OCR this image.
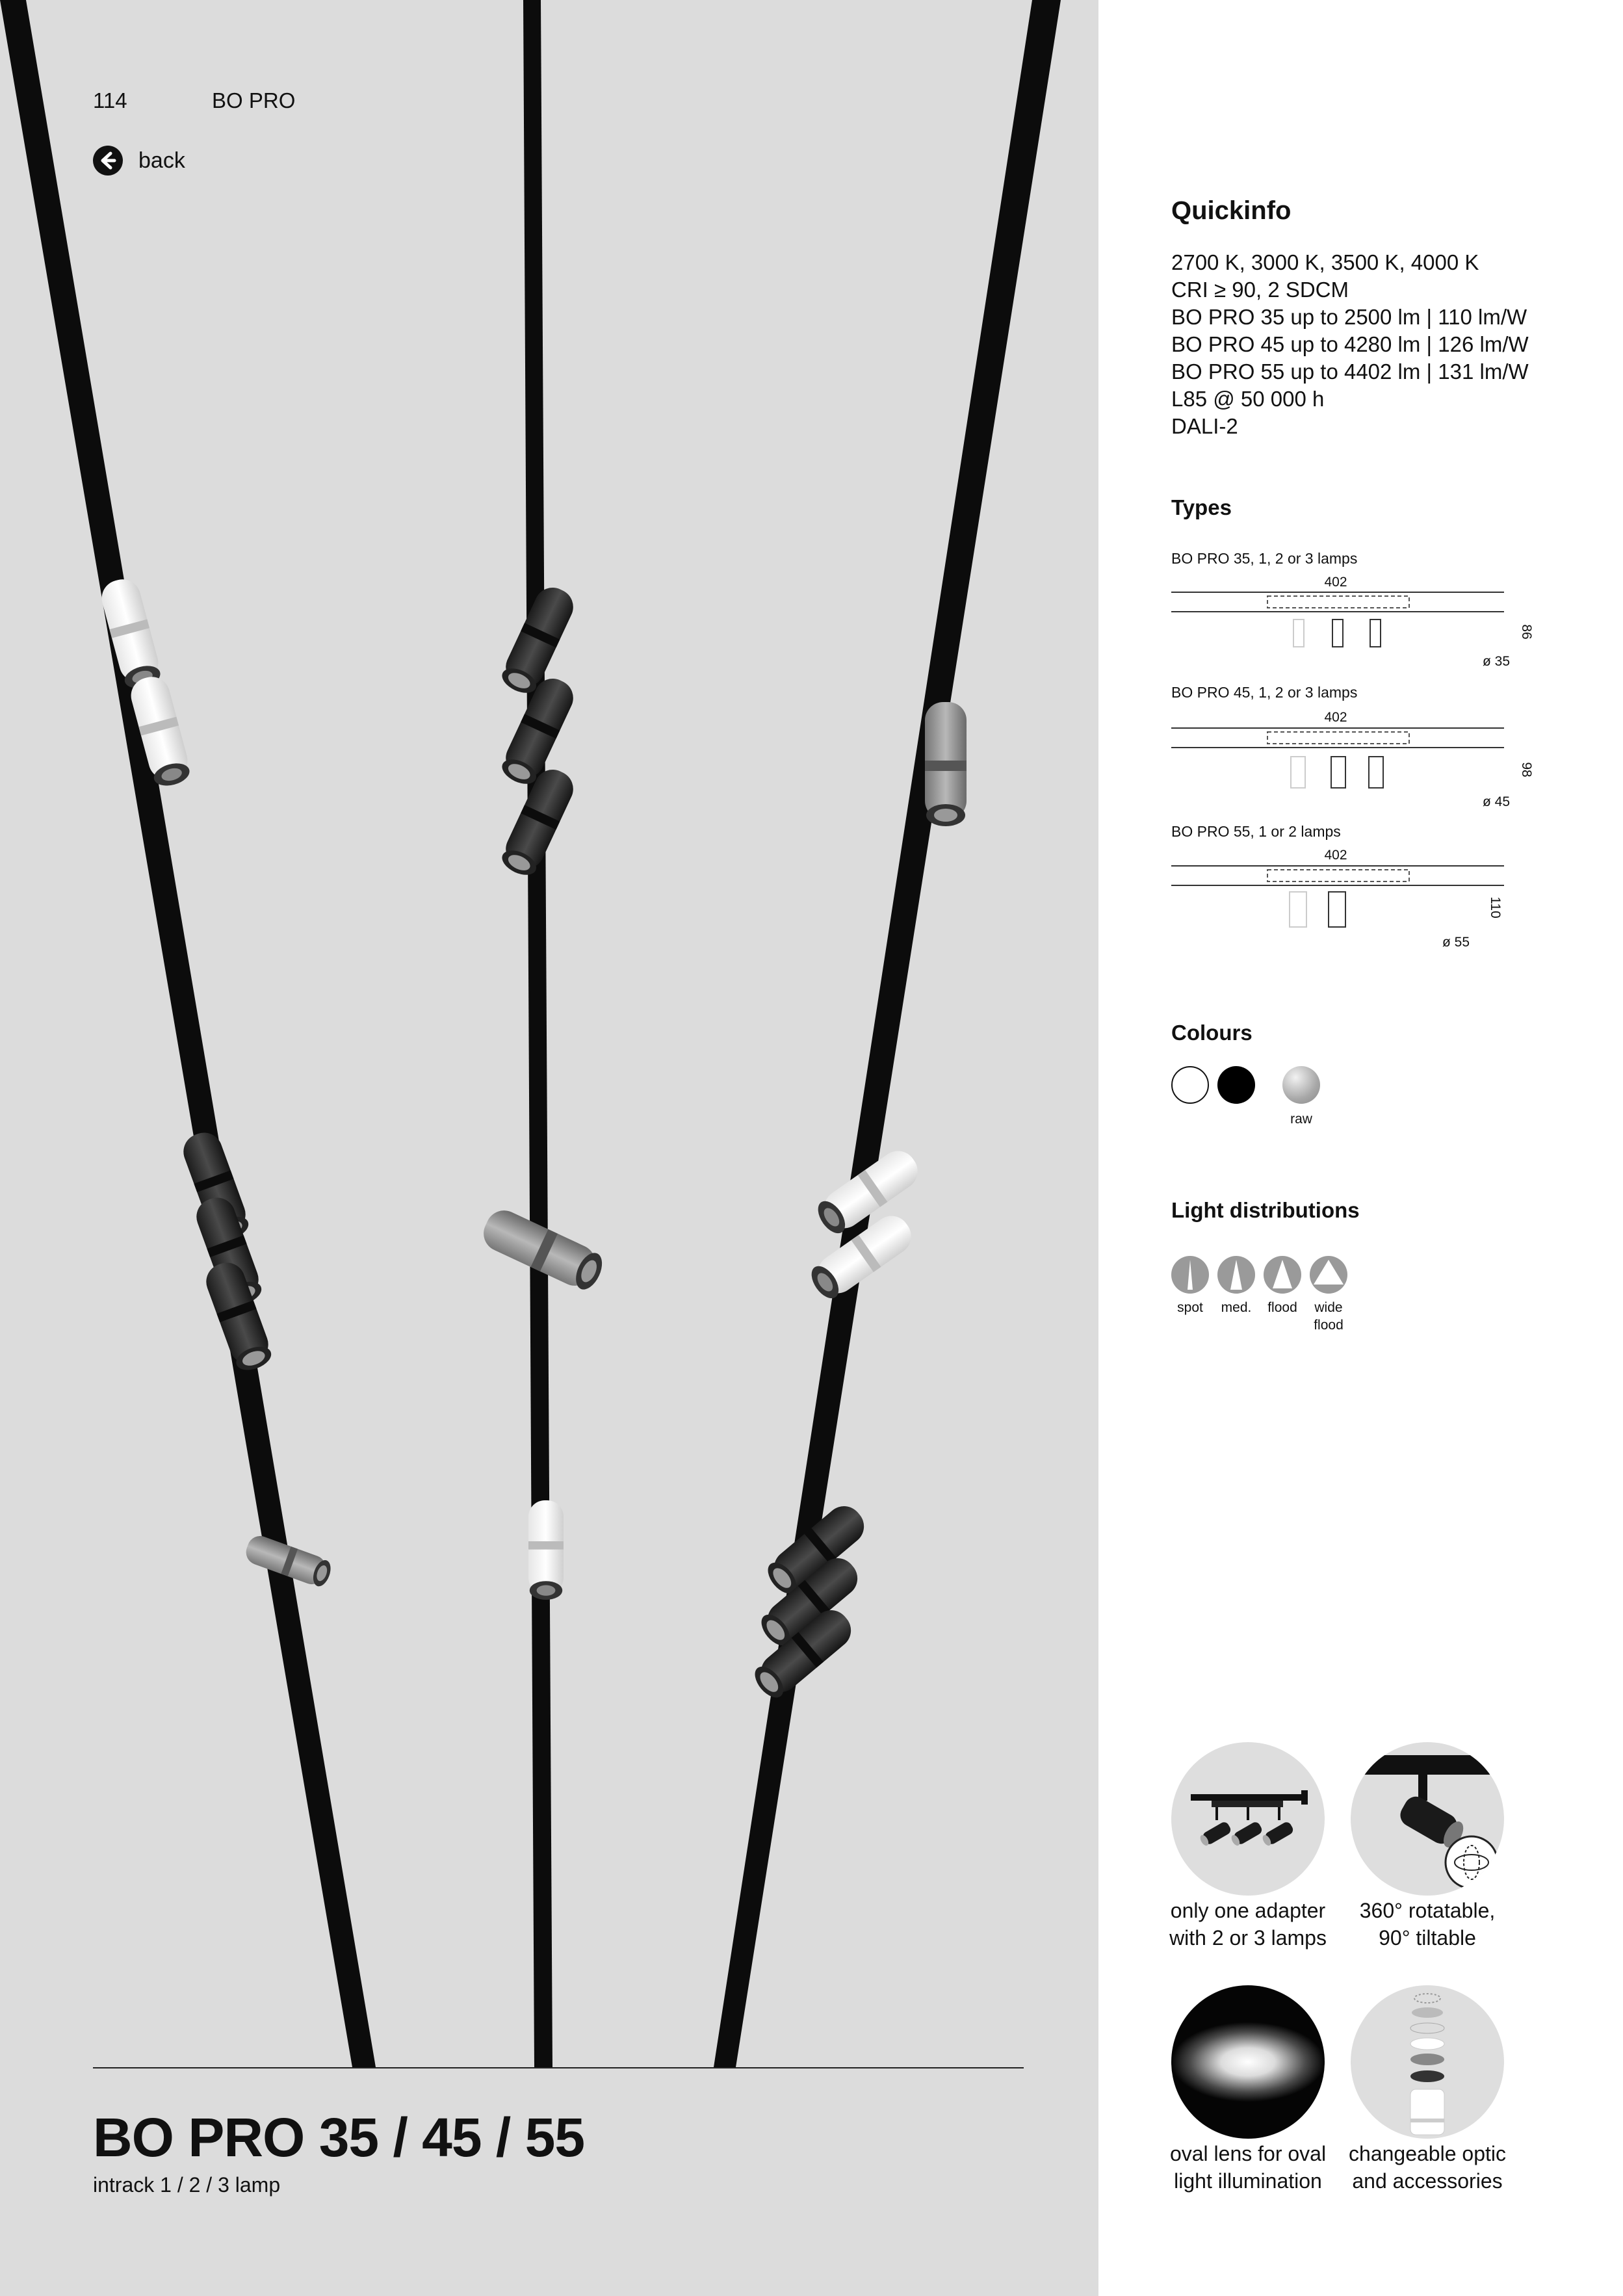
114	BO PRO
back
BO PRO 35 / 45 / 55
intrack 1 / 2 / 3 lamp
Quickinfo
2700 K, 3000 K, 3500 K, 4000 K
CRI ≥ 90, 2 SDCM
BO PRO 35 up to 2500 lm | 110 lm/W
BO PRO 45 up to 4280 lm | 126 lm/W
BO PRO 55 up to 4402 lm | 131 lm/W
L85 @ 50 000 h
DALI-2
Types
BO PRO 35, 1, 2 or 3 lamps
402
86
ø 35
BO PRO 45, 1, 2 or 3 lamps
402
98
ø 45
BO PRO 55, 1 or 2 lamps
402
110
ø 55
Colours
raw
Light distributions
spot	med.	flood	wide flood
only one adapter
with 2 or 3 lamps
360° rotatable,
90° tiltable
oval lens for oval
light illumination
changeable optic
and accessories
